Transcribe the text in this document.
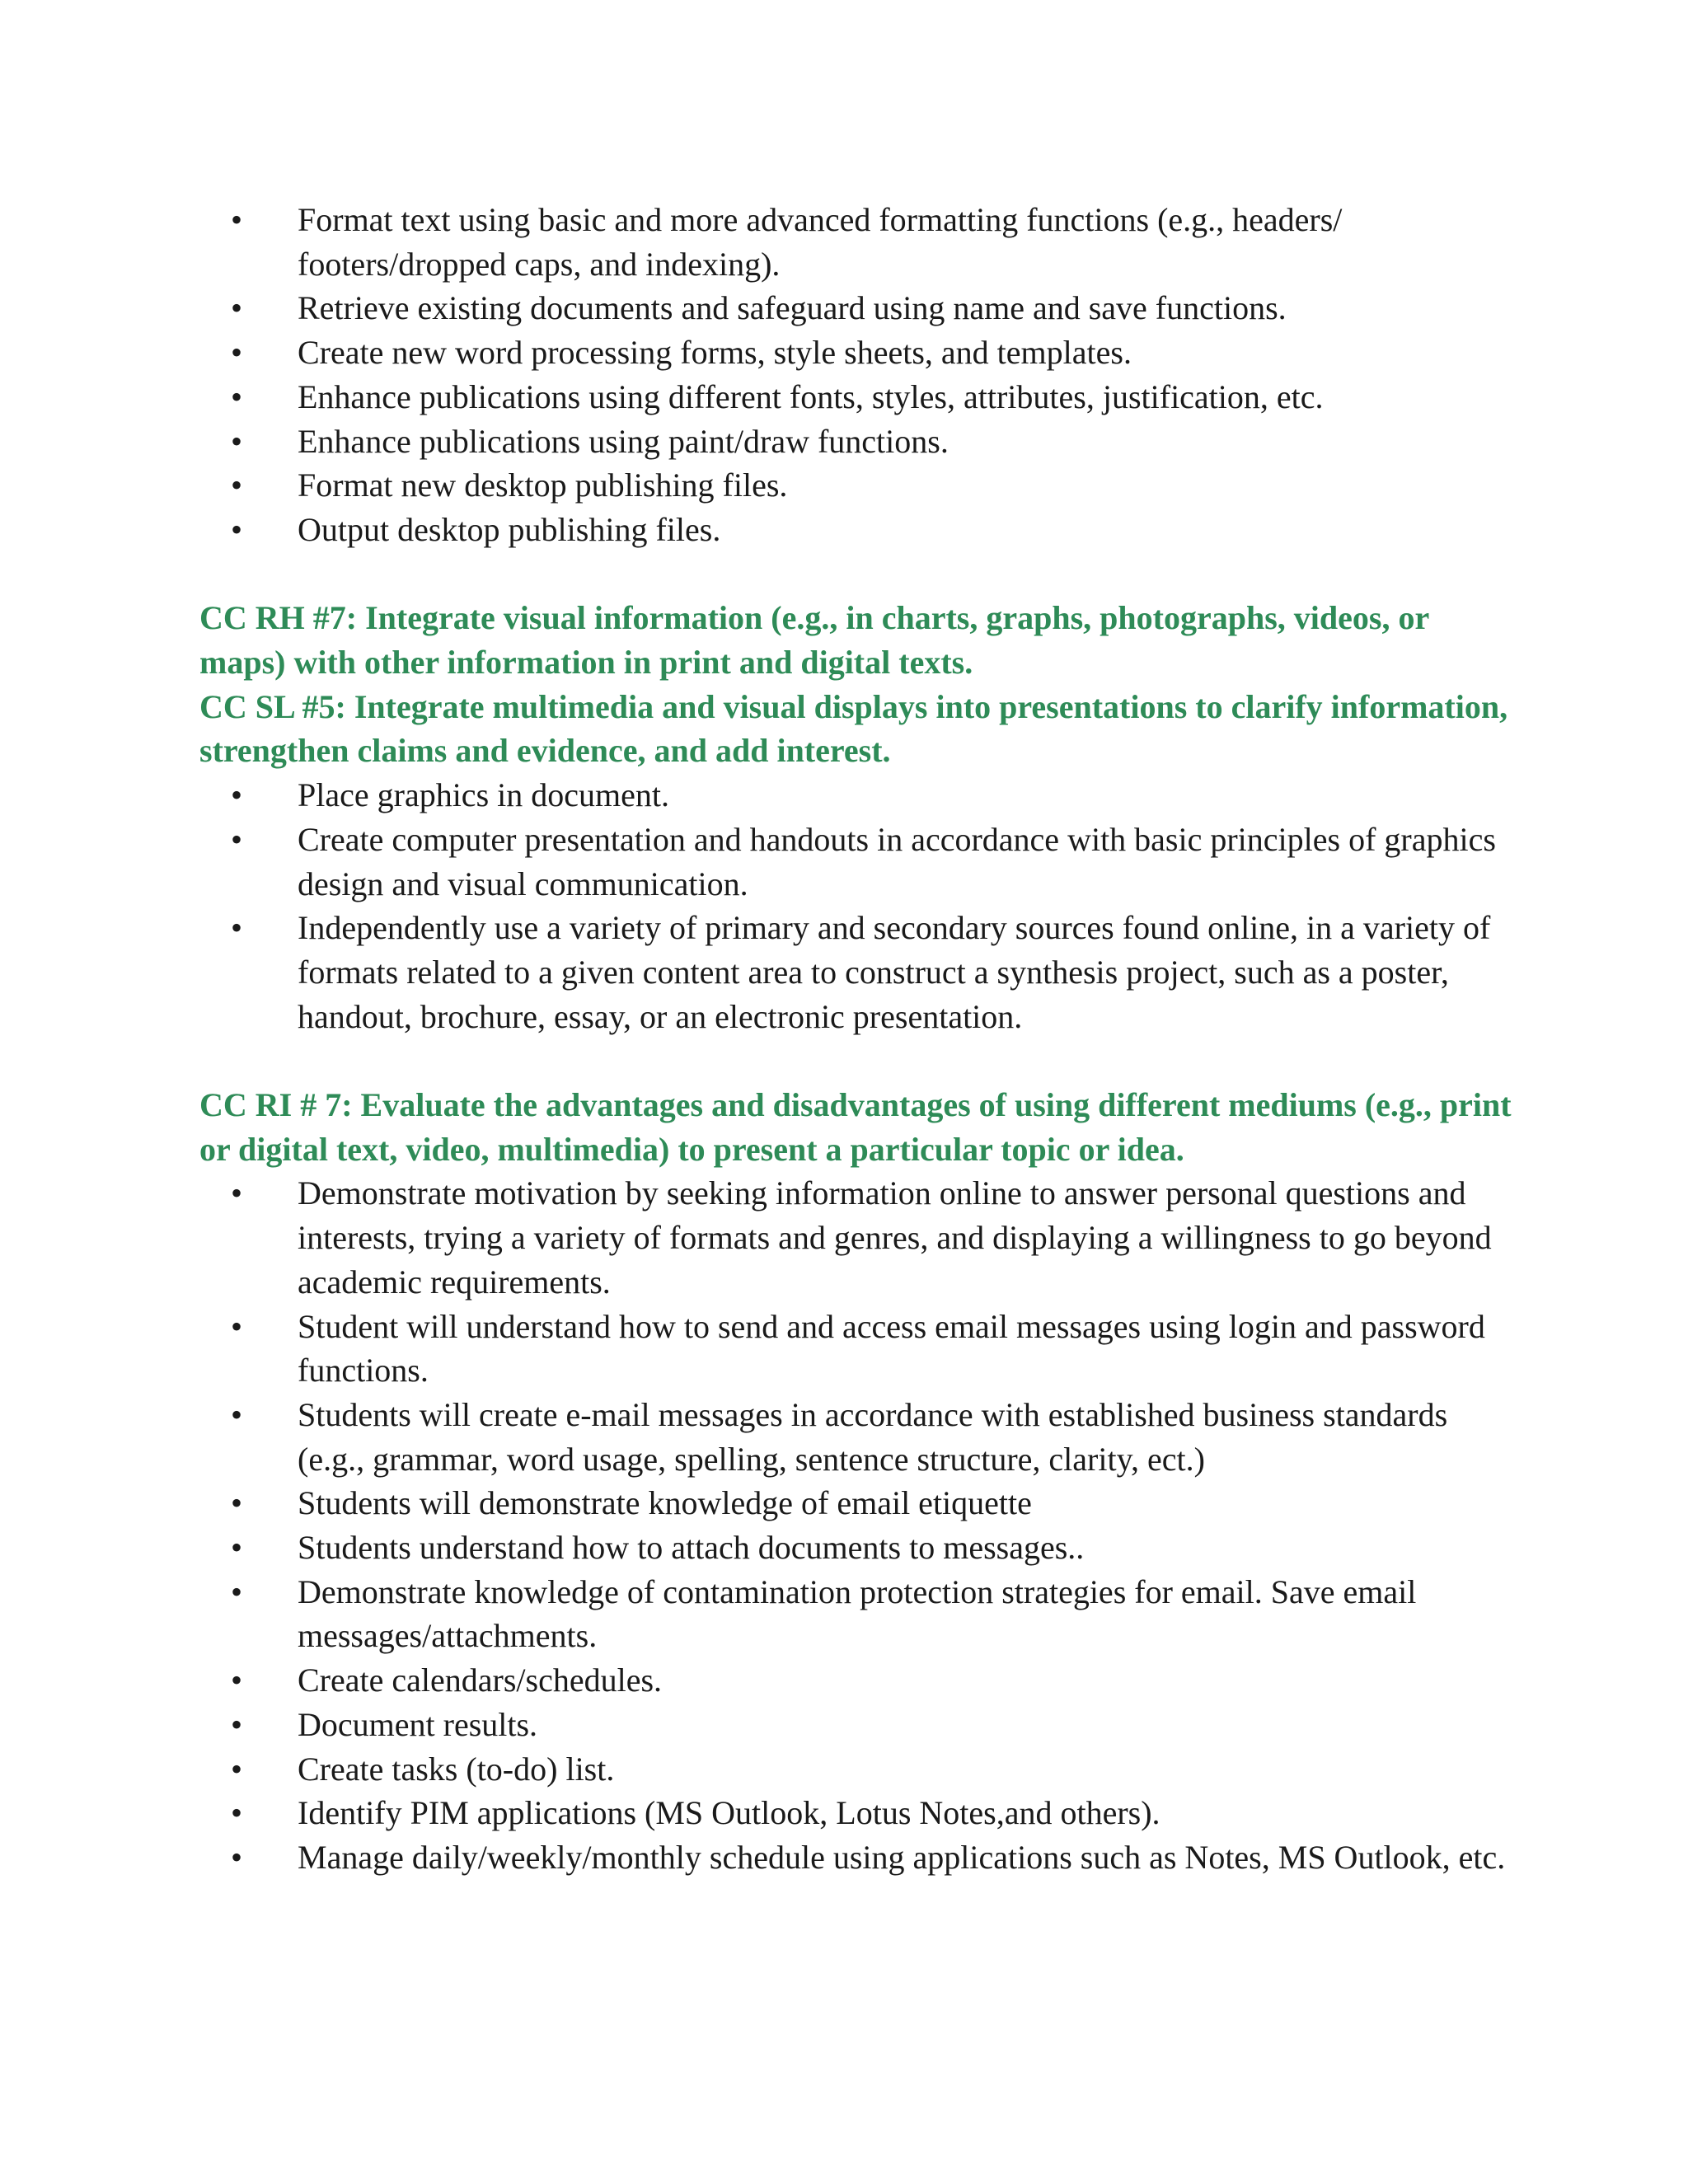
•	Format text using basic and more advanced formatting functions (e.g., headers/ footers/dropped caps, and indexing).
•	Retrieve existing documents and safeguard using name and save functions.
•	Create new word processing forms, style sheets, and templates.
•	Enhance publications using different fonts, styles, attributes, justification, etc.
•	Enhance publications using paint/draw functions.
•	Format new desktop publishing files.
•	Output desktop publishing files.

CC RH #7: Integrate visual information (e.g., in charts, graphs, photographs, videos, or maps) with other information in print and digital texts.

CC SL #5: Integrate multimedia and visual displays into presentations to clarify information, strengthen claims and evidence, and add interest.

•	Place graphics in document.
•	Create computer presentation and handouts in accordance with basic principles of graphics design and visual communication.
•	Independently use a variety of primary and secondary sources found online, in a variety of formats related to a given content area to construct a synthesis project, such as a poster, handout, brochure, essay, or an electronic presentation.

CC RI # 7: Evaluate the advantages and disadvantages of using different mediums (e.g., print or digital text, video, multimedia) to present a particular topic or idea.

•	Demonstrate motivation by seeking information online to answer personal questions and interests, trying a variety of formats and genres, and displaying a willingness to go beyond academic requirements.
•	Student will understand how to send and access email messages using login and password functions.
•	Students will create e-mail messages in accordance with established business standards (e.g., grammar, word usage, spelling, sentence structure, clarity, ect.)
•	Students will demonstrate knowledge of email etiquette
•	Students understand how to attach documents to messages..
•	Demonstrate knowledge of contamination protection strategies for email. Save email messages/attachments.
•	Create calendars/schedules.
•	Document results.
•	Create tasks (to-do) list.
•	Identify PIM applications (MS Outlook, Lotus Notes,and others).
•	Manage daily/weekly/monthly schedule using applications such as Notes, MS Outlook, etc.
